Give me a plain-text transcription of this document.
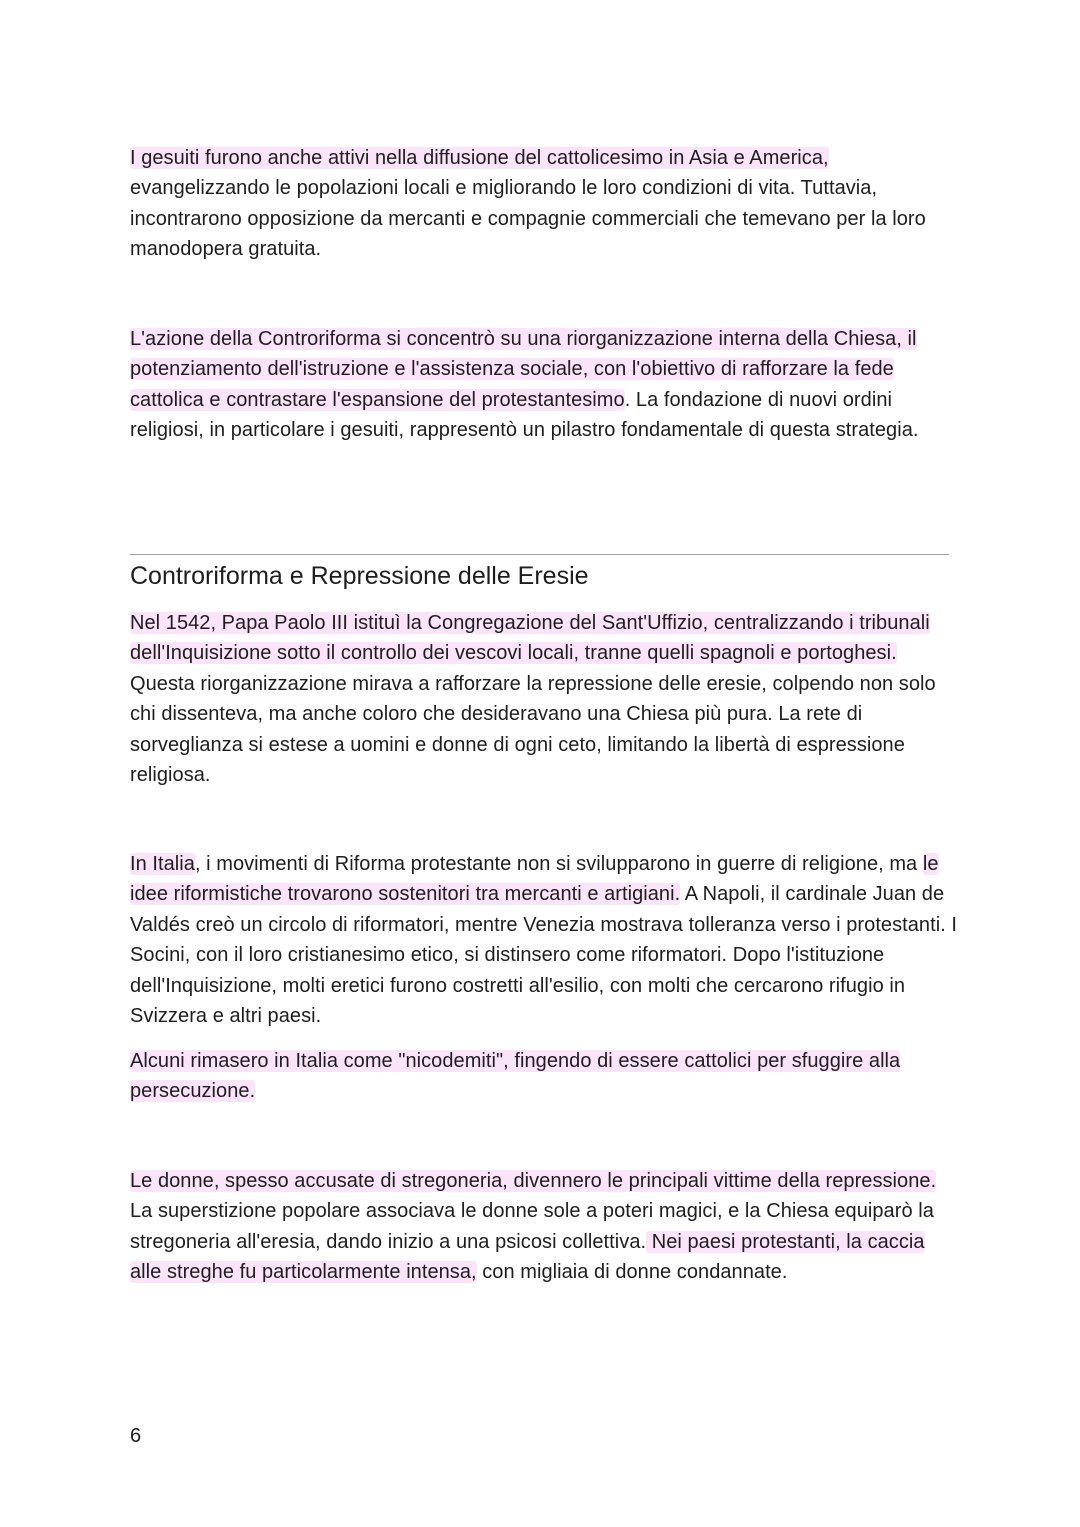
I gesuiti furono anche attivi nella diffusione del cattolicesimo in Asia e America, evangelizzando le popolazioni locali e migliorando le loro condizioni di vita. Tuttavia, incontrarono opposizione da mercanti e compagnie commerciali che temevano per la loro manodopera gratuita.

L'azione della Controriforma si concentrò su una riorganizzazione interna della Chiesa, il potenziamento dell'istruzione e l'assistenza sociale, con l'obiettivo di rafforzare la fede cattolica e contrastare l'espansione del protestantesimo. La fondazione di nuovi ordini religiosi, in particolare i gesuiti, rappresentò un pilastro fondamentale di questa strategia.

Controriforma e Repressione delle Eresie

Nel 1542, Papa Paolo III istituì la Congregazione del Sant'Uffizio, centralizzando i tribunali dell'Inquisizione sotto il controllo dei vescovi locali, tranne quelli spagnoli e portoghesi. Questa riorganizzazione mirava a rafforzare la repressione delle eresie, colpendo non solo chi dissenteva, ma anche coloro che desideravano una Chiesa più pura. La rete di sorveglianza si estese a uomini e donne di ogni ceto, limitando la libertà di espressione religiosa.

In Italia, i movimenti di Riforma protestante non si svilupparono in guerre di religione, ma le idee riformistiche trovarono sostenitori tra mercanti e artigiani. A Napoli, il cardinale Juan de Valdés creò un circolo di riformatori, mentre Venezia mostrava tolleranza verso i protestanti. I Socini, con il loro cristianesimo etico, si distinsero come riformatori. Dopo l'istituzione dell'Inquisizione, molti eretici furono costretti all'esilio, con molti che cercarono rifugio in Svizzera e altri paesi.

Alcuni rimasero in Italia come "nicodemiti", fingendo di essere cattolici per sfuggire alla persecuzione.

Le donne, spesso accusate di stregoneria, divennero le principali vittime della repressione. La superstizione popolare associava le donne sole a poteri magici, e la Chiesa equiparò la stregoneria all'eresia, dando inizio a una psicosi collettiva. Nei paesi protestanti, la caccia alle streghe fu particolarmente intensa, con migliaia di donne condannate.

6
